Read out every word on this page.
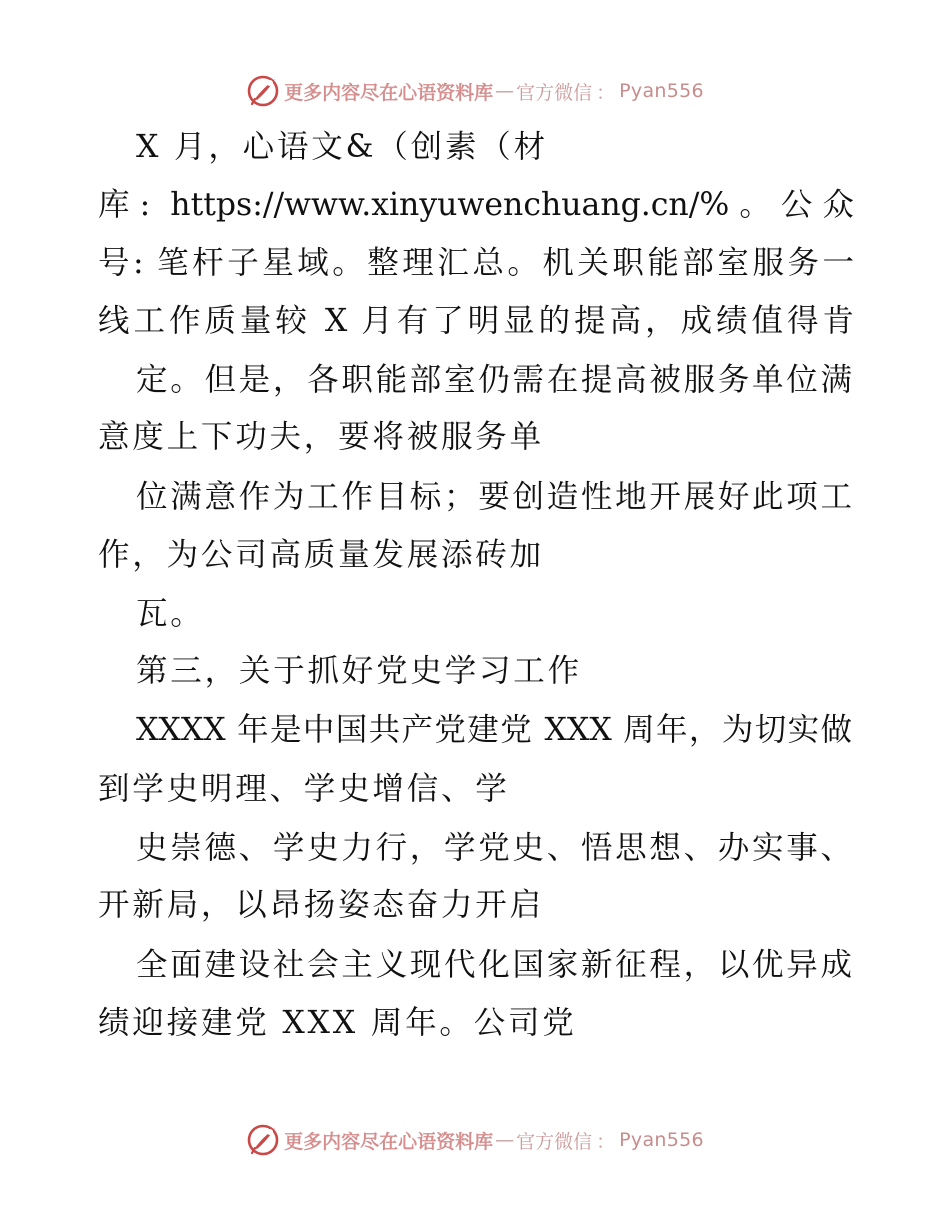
更多内容尽在心语资料库 — 官方微信 ： Pyan556
X 月，心语文&（创素（材
库: https://www.xinyuwenchuang.cn/%。公众
号: 笔杆子星域。整理汇总。机关职能部室服务一
线工作质量较 X 月有了明显的提高，成绩值得肯
定。但是，各职能部室仍需在提高被服务单位满
意度上下功夫，要将被服务单
位满意作为工作目标；要创造性地开展好此项工
作，为公司高质量发展添砖加
瓦。
第三，关于抓好党史学习工作
XXXX 年是中国共产党建党 XXX 周年，为切实做
到学史明理、学史增信、学
史崇德、学史力行，学党史、悟思想、办实事、
开新局，以昂扬姿态奋力开启
全面建设社会主义现代化国家新征程，以优异成
绩迎接建党 XXX 周年。公司党
更多内容尽在心语资料库 — 官方微信 ： Pyan556
